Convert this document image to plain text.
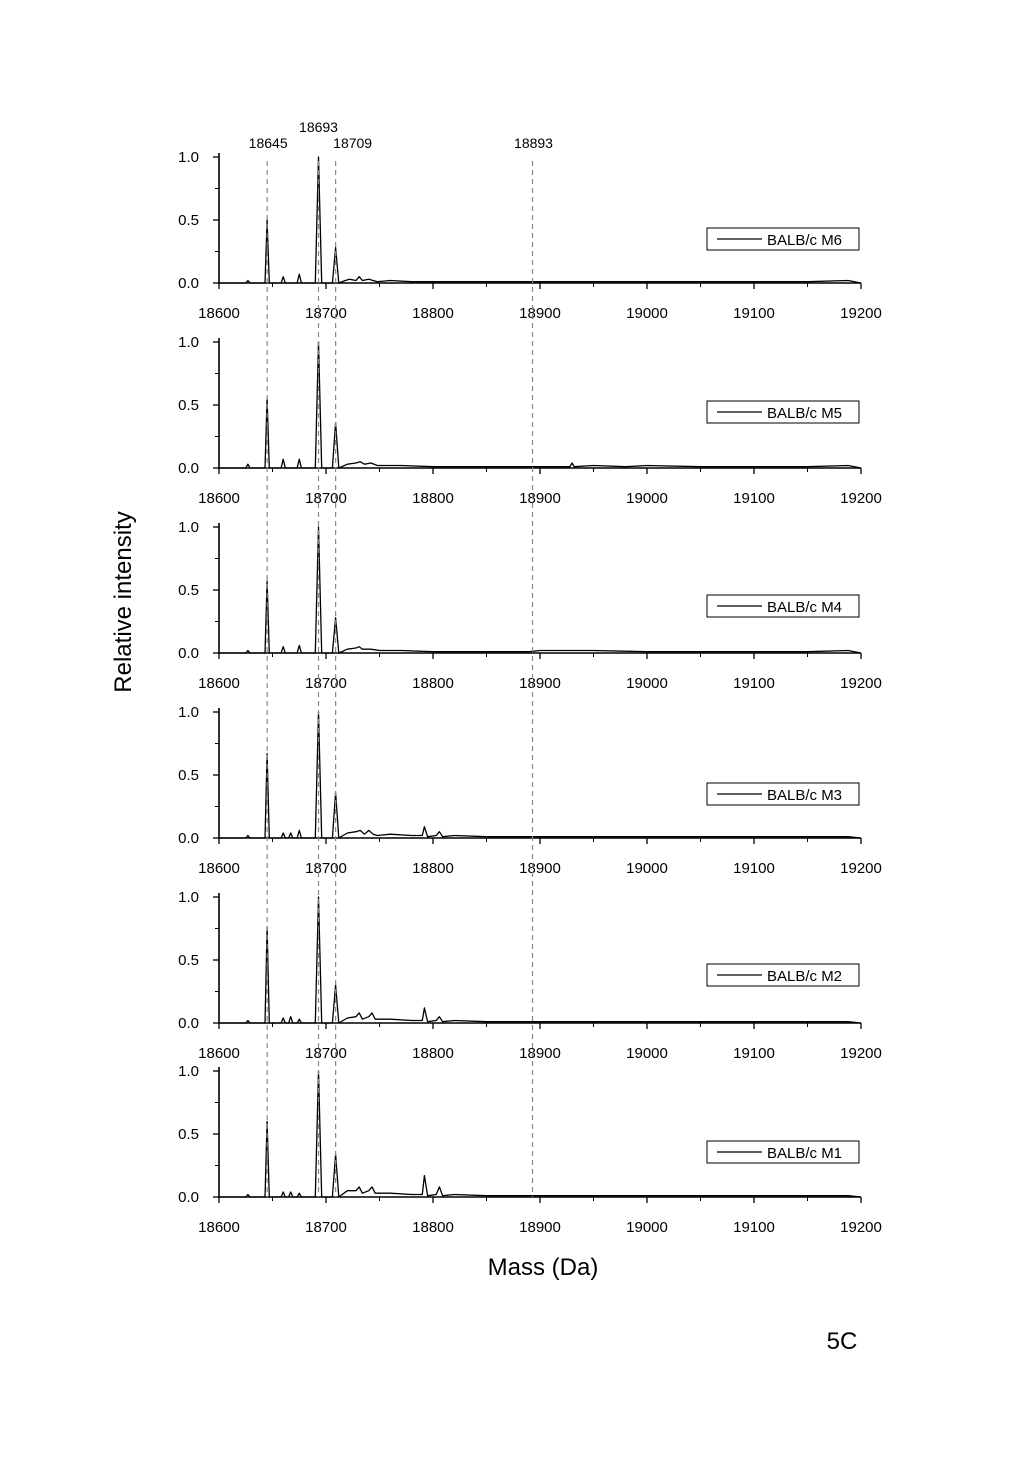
18600	18700	18800	18900	19000	19100	19200
0.0
0.5
1.0
BALB/c M6
18600	18700	18800	18900	19000	19100	19200
0.0
0.5
1.0
BALB/c M5
18600	18700	18800	18900	19000	19100	19200
0.0
0.5
1.0
BALB/c M4
18600	18700	18800	18900	19000	19100	19200
0.0
0.5
1.0
BALB/c M3
18600	18700	18800	18900	19000	19100	19200
0.0
0.5
1.0
BALB/c M2
18600	18700	18800	18900	19000	19100	19200
0.0
0.5
1.0
BALB/c M1
18645
18693
18709	18893
Relative intensity
Mass (Da)
5C
